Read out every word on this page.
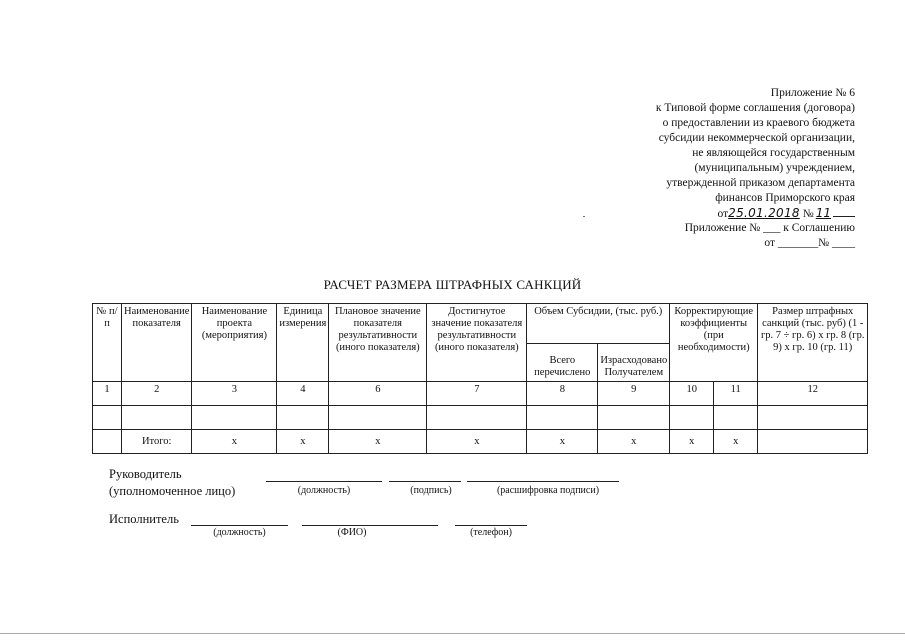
Приложение № 6
к Типовой форме соглашения (договора)
о предоставлении из краевого бюджета
субсидии некоммерческой организации,
не являющейся государственным
(муниципальным) учреждением,
утвержденной приказом департамента
финансов Приморского края
от25.01.2018 № 11
Приложение № ___ к Соглашению
от _______№ ____
РАСЧЕТ РАЗМЕРА ШТРАФНЫХ САНКЦИЙ
№ п/п	Наименование показателя	Наименование проекта (мероприятия)	Единица измерения	Плановое значение показателя результативности (иного показателя)	Достигнутое значение показателя результативности (иного показателя)	Объем Субсидии, (тыс. руб.)		Корректирующие коэффициенты (при необходимости)		Размер штрафных санкций (тыс. руб) (1 - гр. 7 ÷ гр. 6) х гр. 8 (гр. 9) х гр. 10 (гр. 11)
						Всего перечислено	Израсходовано Получателем			
1	2	3	4	6	7	8	9	10	11	12

	Итого:	х	х	х	х	х	х	х	х	
Руководитель
(уполномоченное лицо)	(должность)	(подпись)	(расшифровка подписи)
Исполнитель
(должность)	(ФИО)	(телефон)
